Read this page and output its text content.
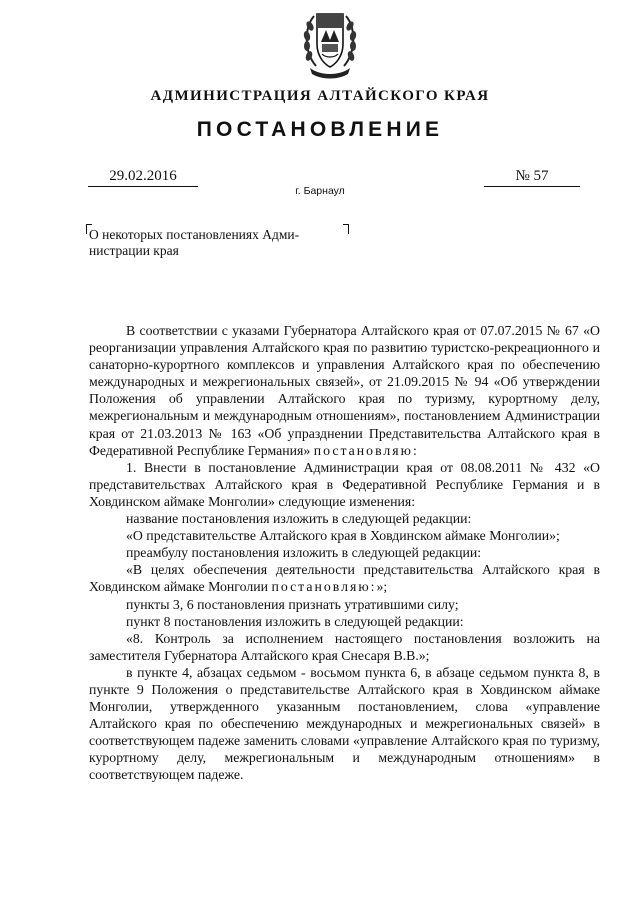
АДМИНИСТРАЦИЯ АЛТАЙСКОГО КРАЯ
ПОСТАНОВЛЕНИЕ
29.02.2016	№ 57
г. Барнаул
О некоторых постановлениях Адми-
нистрации края

В соответствии с указами Губернатора Алтайского края от 07.07.2015 № 67 «О реорганизации управления Алтайского края по развитию туристско-рекреационного и санаторно-курортного комплексов и управления Алтайского края по обеспечению международных и межрегиональных связей», от 21.09.2015 № 94 «Об утверждении Положения об управлении Алтайского края по туризму, курортному делу, межрегиональным и международным отношениям», постановлением Администрации края от 21.03.2013 № 163 «Об упразднении Представительства Алтайского края в Федеративной Республике Германия» постановляю:

1. Внести в постановление Администрации края от 08.08.2011 № 432 «О представительствах Алтайского края в Федеративной Республике Германия и в Ховдинском аймаке Монголии» следующие изменения:

название постановления изложить в следующей редакции:

«О представительстве Алтайского края в Ховдинском аймаке Монголии»;

преамбулу постановления изложить в следующей редакции:

«В целях обеспечения деятельности представительства Алтайского края в Ховдинском аймаке Монголии постановляю:»;

пункты 3, 6 постановления признать утратившими силу;

пункт 8 постановления изложить в следующей редакции:

«8. Контроль за исполнением настоящего постановления возложить на заместителя Губернатора Алтайского края Снесаря В.В.»;

в пункте 4, абзацах седьмом - восьмом пункта 6, в абзаце седьмом пункта 8, в пункте 9 Положения о представительстве Алтайского края в Ховдинском аймаке Монголии, утвержденного указанным постановлением, слова «управление Алтайского края по обеспечению международных и межрегиональных связей» в соответствующем падеже заменить словами «управление Алтайского края по туризму, курортному делу, межрегиональным и международным отношениям» в соответствующем падеже.
